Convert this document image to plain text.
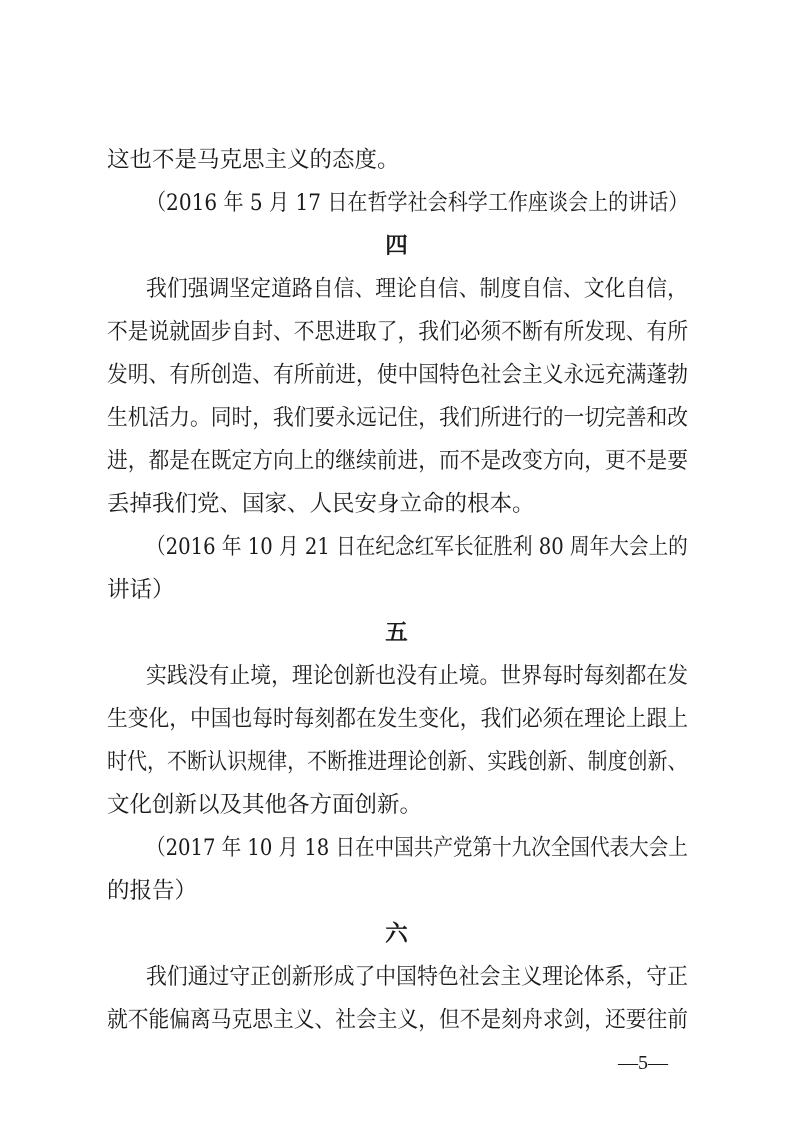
这也不是马克思主义的态度。
（2016 年 5 月 17 日在哲学社会科学工作座谈会上的讲话）
四
我们强调坚定道路自信、理论自信、制度自信、文化自信，
不是说就固步自封、不思进取了，我们必须不断有所发现、有所
发明、有所创造、有所前进，使中国特色社会主义永远充满蓬勃
生机活力。同时，我们要永远记住，我们所进行的一切完善和改
进，都是在既定方向上的继续前进，而不是改变方向，更不是要
丢掉我们党、国家、人民安身立命的根本。
（2016 年 10 月 21 日在纪念红军长征胜利 80 周年大会上的
讲话）
五
实践没有止境，理论创新也没有止境。世界每时每刻都在发
生变化，中国也每时每刻都在发生变化，我们必须在理论上跟上
时代，不断认识规律，不断推进理论创新、实践创新、制度创新、
文化创新以及其他各方面创新。
（2017 年 10 月 18 日在中国共产党第十九次全国代表大会上
的报告）
六
我们通过守正创新形成了中国特色社会主义理论体系，守正
就不能偏离马克思主义、社会主义，但不是刻舟求剑，还要往前
—5—
